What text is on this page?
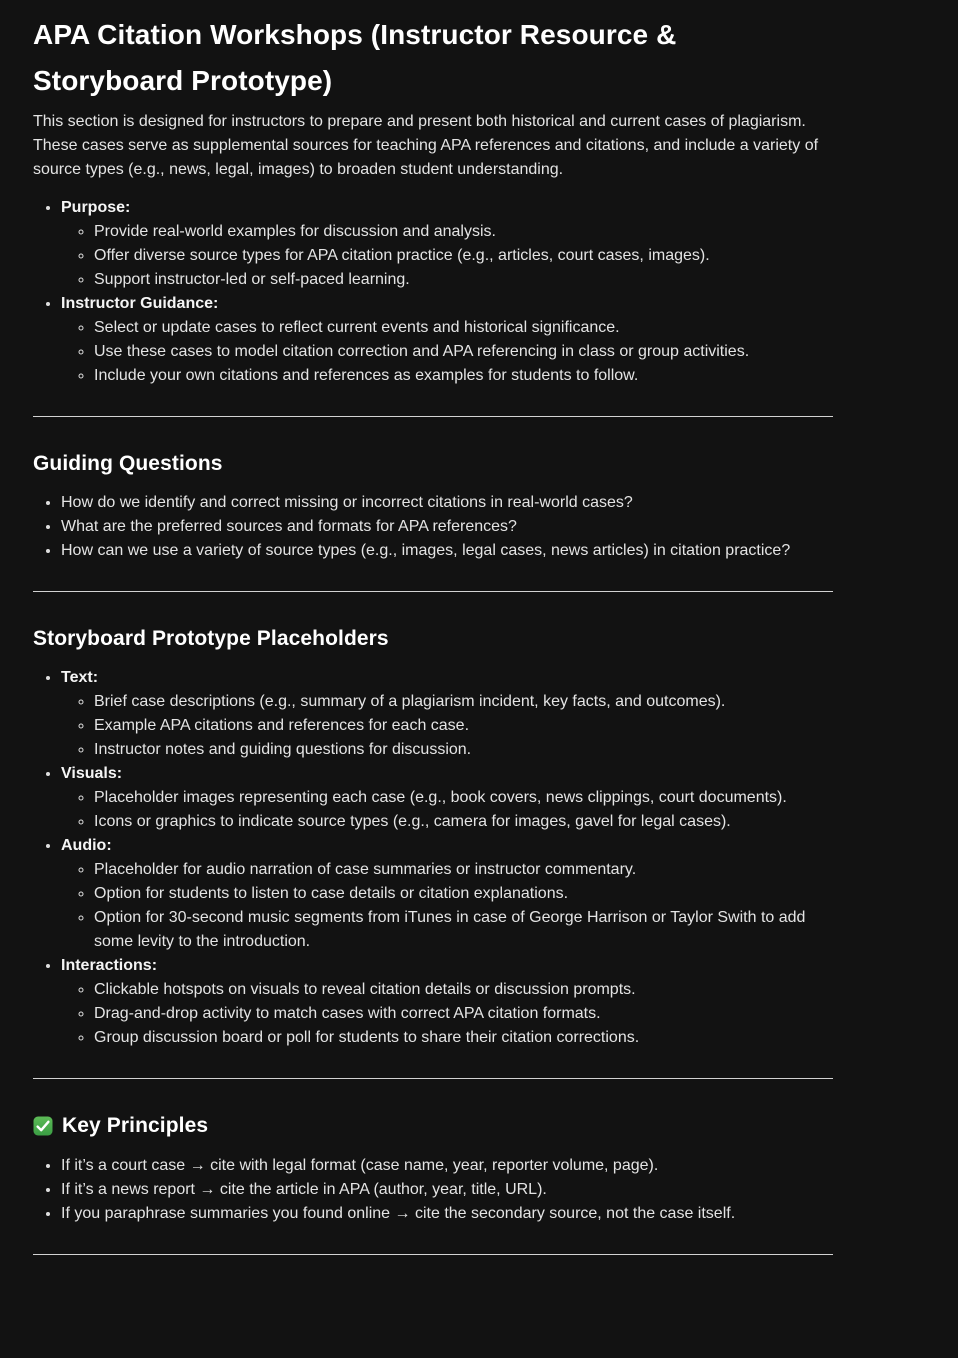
APA Citation Workshops (Instructor Resource & Storyboard Prototype)

This section is designed for instructors to prepare and present both historical and current cases of plagiarism. These cases serve as supplemental sources for teaching APA references and citations, and include a variety of source types (e.g., news, legal, images) to broaden student understanding.

• Purpose:
◦ Provide real-world examples for discussion and analysis.
◦ Offer diverse source types for APA citation practice (e.g., articles, court cases, images).
◦ Support instructor-led or self-paced learning.
• Instructor Guidance:
◦ Select or update cases to reflect current events and historical significance.
◦ Use these cases to model citation correction and APA referencing in class or group activities.
◦ Include your own citations and references as examples for students to follow.
Guiding Questions
• How do we identify and correct missing or incorrect citations in real-world cases?
• What are the preferred sources and formats for APA references?
• How can we use a variety of source types (e.g., images, legal cases, news articles) in citation practice?
Storyboard Prototype Placeholders
• Text:
◦ Brief case descriptions (e.g., summary of a plagiarism incident, key facts, and outcomes).
◦ Example APA citations and references for each case.
◦ Instructor notes and guiding questions for discussion.
• Visuals:
◦ Placeholder images representing each case (e.g., book covers, news clippings, court documents).
◦ Icons or graphics to indicate source types (e.g., camera for images, gavel for legal cases).
• Audio:
◦ Placeholder for audio narration of case summaries or instructor commentary.
◦ Option for students to listen to case details or citation explanations.
◦ Option for 30-second music segments from iTunes in case of George Harrison or Taylor Swith to add some levity to the introduction.
• Interactions:
◦ Clickable hotspots on visuals to reveal citation details or discussion prompts.
◦ Drag-and-drop activity to match cases with correct APA citation formats.
◦ Group discussion board or poll for students to share their citation corrections.
Key Principles
• If it’s a court case → cite with legal format (case name, year, reporter volume, page).
• If it’s a news report → cite the article in APA (author, year, title, URL).
• If you paraphrase summaries you found online → cite the secondary source, not the case itself.
